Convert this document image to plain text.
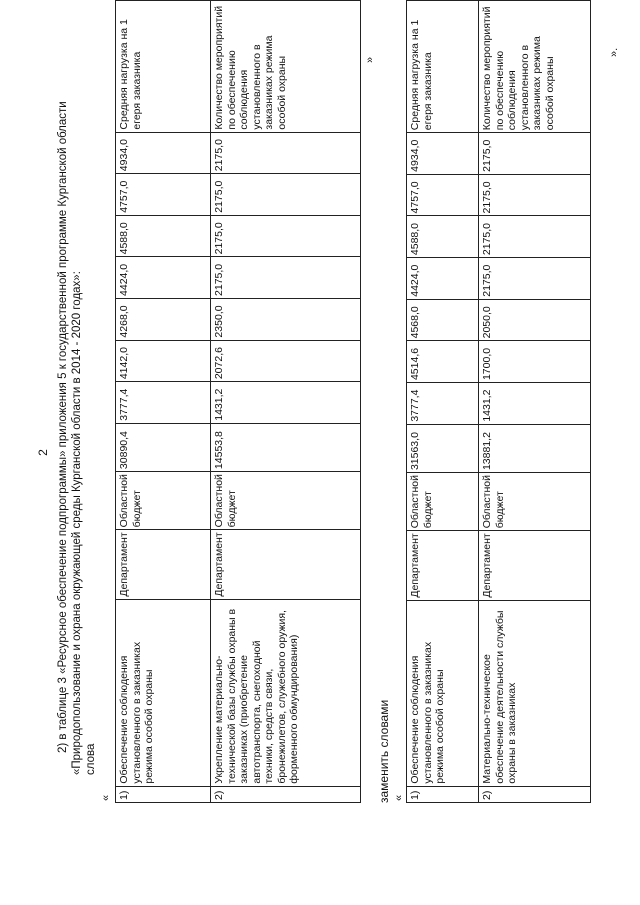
2 2) в таблице 3 «Ресурсное обеспечение подпрограммы» приложения 5 к государственной программе Курганской области «Природопользование и охрана окружающей среды Курганской области в 2014 - 2020 годах»: слова
« 1)	Обеспечение соблюдения установленного в заказниках режима особой охраны	Департамент	Областной бюджет	30890,4	3777,4	4142,0	4268,0	4424,0	4588,0	4757,0	4934,0	Средняя нагрузка на 1 егеря заказника
2)	Укрепление материально-технической базы службы охраны в заказниках (приобретение автотранспорта, снегоходной техники, средств связи, бронежилетов, служебного оружия, форменного обмундирования)	Департамент	Областной бюджет	14553,8	1431,2	2072,6	2350,0	2175,0	2175,0	2175,0	2175,0	Количество мероприятий по обеспечению соблюдения установленного в заказниках режима особой охраны	»
заменить словами « 1)	Обеспечение соблюдения установленного в заказниках режима особой охраны	Департамент	Областной бюджет	31563,0	3777,4	4514,6	4568,0	4424,0	4588,0	4757,0	4934,0	Средняя нагрузка на 1 егеря заказника
2)	Материально-техническое обеспечение деятельности службы охраны в заказниках	Департамент	Областной бюджет	13881,2	1431,2	1700,0	2050,0	2175,0	2175,0	2175,0	2175,0	Количество мероприятий по обеспечению соблюдения установленного в заказниках режима особой охраны
».
